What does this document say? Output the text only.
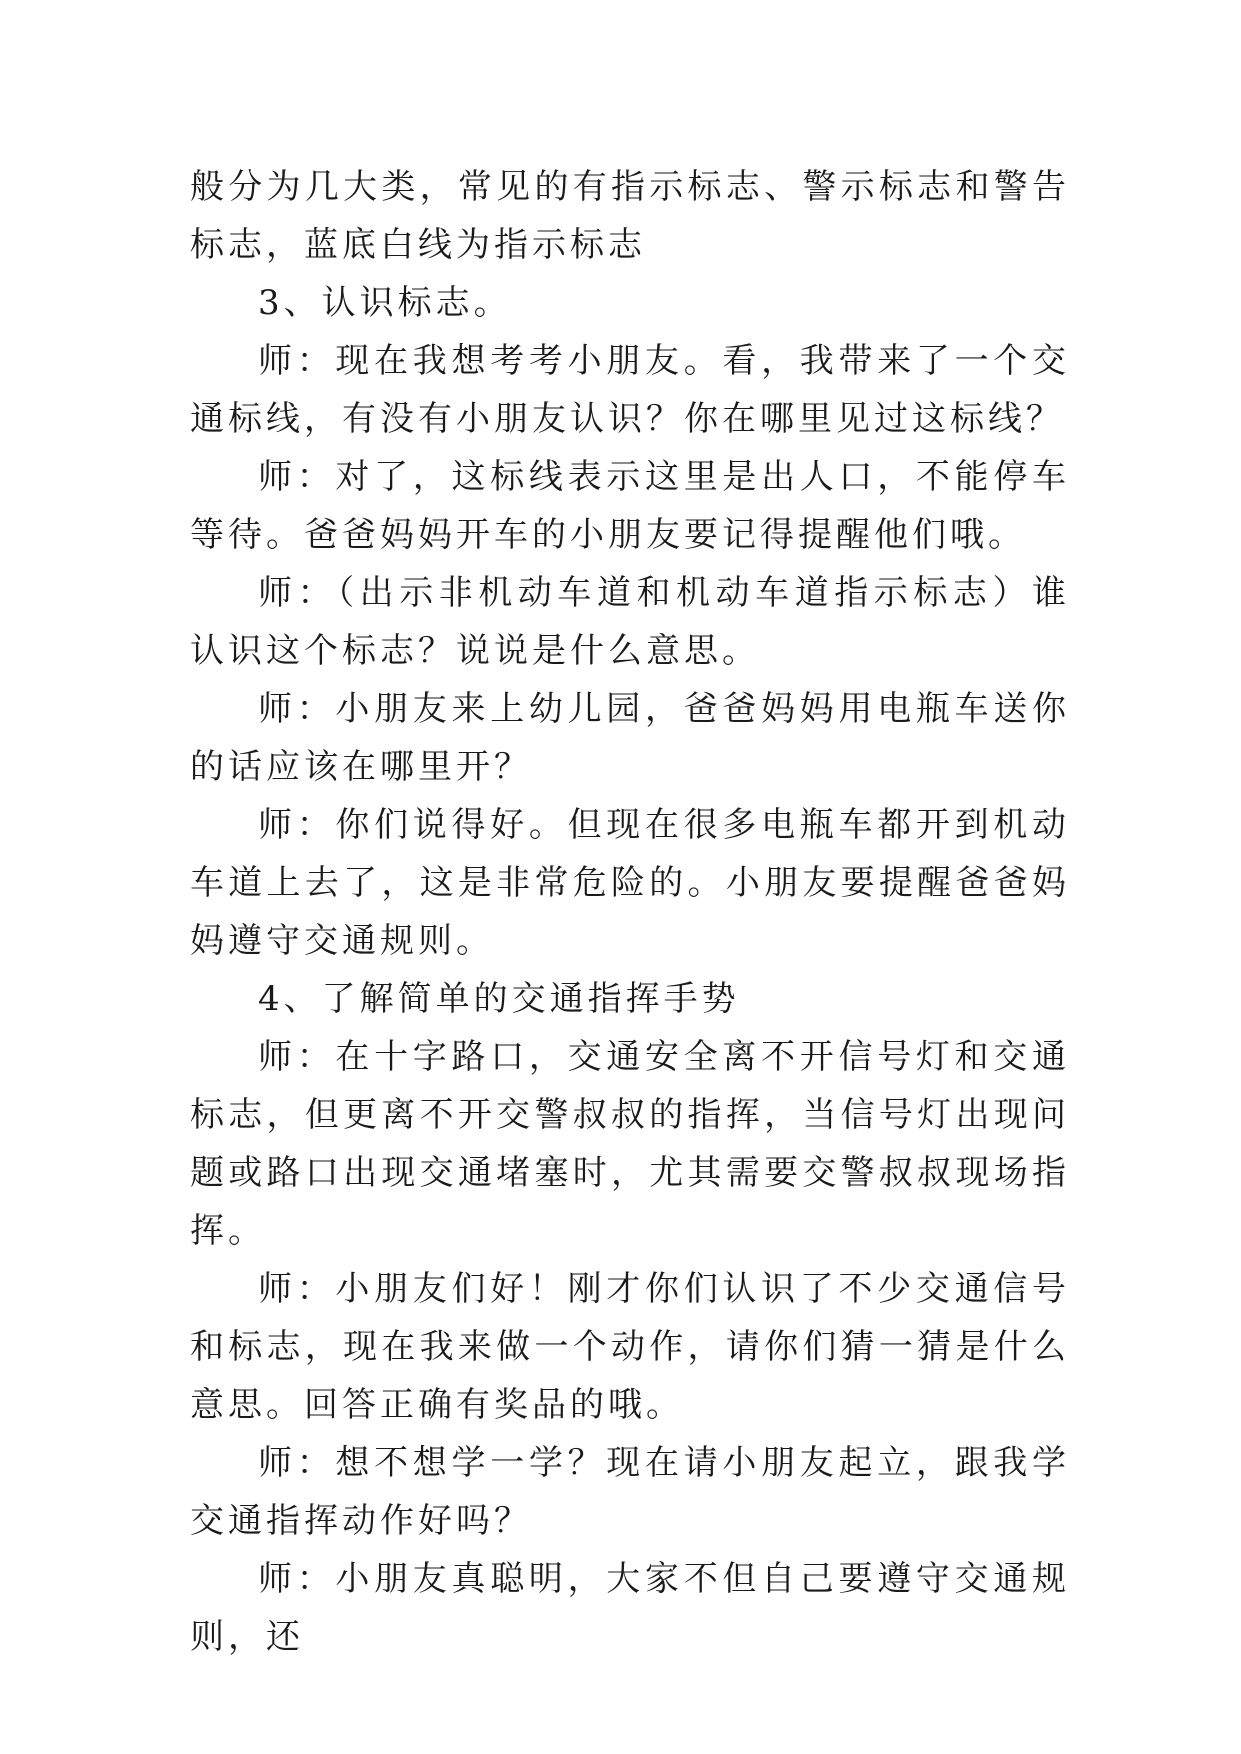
般分为几大类，常见的有指示标志、警示标志和警告标志，蓝底白线为指示标志

3、认识标志。

师：现在我想考考小朋友。看，我带来了一个交通标线，有没有小朋友认识？你在哪里见过这标线？

师：对了，这标线表示这里是出人口，不能停车等待。爸爸妈妈开车的小朋友要记得提醒他们哦。

师：（出示非机动车道和机动车道指示标志）谁认识这个标志？说说是什么意思。

师：小朋友来上幼儿园，爸爸妈妈用电瓶车送你的话应该在哪里开？

师：你们说得好。但现在很多电瓶车都开到机动车道上去了，这是非常危险的。小朋友要提醒爸爸妈妈遵守交通规则。

4、了解简单的交通指挥手势

师：在十字路口，交通安全离不开信号灯和交通标志，但更离不开交警叔叔的指挥，当信号灯出现问题或路口出现交通堵塞时，尤其需要交警叔叔现场指挥。

师：小朋友们好！刚才你们认识了不少交通信号和标志，现在我来做一个动作，请你们猜一猜是什么意思。回答正确有奖品的哦。

师：想不想学一学？现在请小朋友起立，跟我学交通指挥动作好吗？

师：小朋友真聪明，大家不但自己要遵守交通规则，还
